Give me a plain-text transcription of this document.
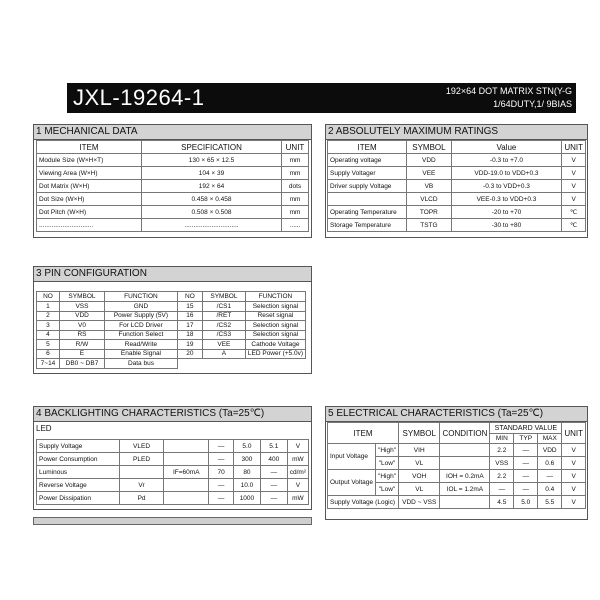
JXL-19264-1	192×64 DOT MATRIX STN(Y-G
1/64DUTY,1/ 9BIAS
1 MECHANICAL DATA
ITEM	SPECIFICATION	UNIT
Module Size (W×H×T)	130 × 65 × 12.5	mm
Viewing Area (W×H)	104 × 39	mm
Dot Matrix (W×H)	192 × 64	dots
Dot Size (W×H)	0.458 × 0.458	mm
Dot Pitch (W×H)	0.508 × 0.508	mm
..............................	..............................	......
2 ABSOLUTELY MAXIMUM RATINGS
ITEM	SYMBOL	Value	UNIT
Operating voltage	VDD	-0.3 to +7.0	V
Supply Voltager	VEE	VDD-19.0 to VDD+0.3	V
Driver supply Voltage	VB	-0.3 to VDD+0.3	V
	VLCD	VEE-0.3 to VDD+0.3	V
Operating Temperature	TOPR	-20 to +70	℃
Storage Temperature	TSTG	-30 to +80	℃
3 PIN CONFIGURATION
NO	SYMBOL	FUNCTION	NO	SYMBOL	FUNCTION
1	VSS	GND	15	/CS1	Selection signal
2	VDD	Power Supply (5V)	16	/RET	Reset signal
3	V0	For LCD Driver	17	/CS2	Selection signal
4	RS	Function Select	18	/CS3	Selection signal
5	R/W	Read/Write	19	VEE	Cathode Voltage
6	E	Enable Signal	20	A	LED Power (+5.0v)
7~14	DB0 ~ DB7	Data bus			
4 BACKLIGHTING CHARACTERISTICS (Ta=25℃)
LED
Supply Voltage	VLED		—	5.0	5.1	V
Power Consumption	PLED		—	300	400	mW
Luminous		IF=60mA	70	80	—	cd/m²
Reverse Voltage	Vr		—	10.0	—	V
Power Dissipation	Pd		—	1000	—	mW
5 ELECTRICAL CHARACTERISTICS (Ta=25℃)
ITEM		SYMBOL	CONDITION	STANDARD VALUE			UNIT
				MIN	TYP	MAX	
Input Voltage	"High"	VIH		2.2	—	VDD	V
	"Low"	VL		VSS	—	0.6	V
Output Voltage	"High"	VOH	IOH = 0.2mA	2.2	—	—	V
	"Low"	VL	IOL = 1.2mA	—	—	0.4	V
Supply Voltage (Logic)		VDD ~ VSS		4.5	5.0	5.5	V
